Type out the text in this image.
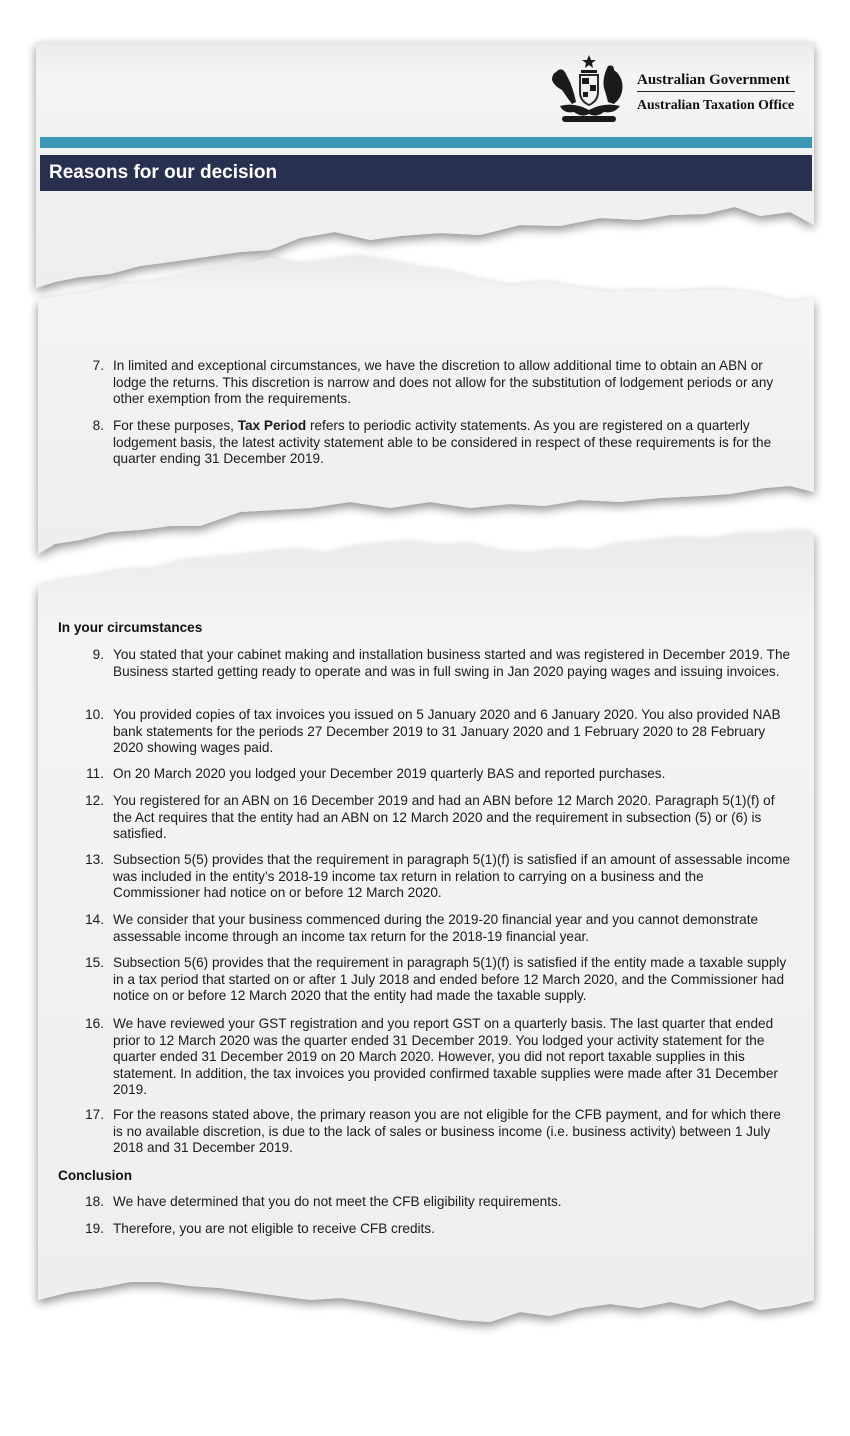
Australian Government
Australian Taxation Office
Reasons for our decision
7. In limited and exceptional circumstances, we have the discretion to allow additional time to obtain an ABN or lodge the returns. This discretion is narrow and does not allow for the substitution of lodgement periods or any other exemption from the requirements.
8. For these purposes, Tax Period refers to periodic activity statements. As you are registered on a quarterly lodgement basis, the latest activity statement able to be considered in respect of these requirements is for the quarter ending 31 December 2019.
In your circumstances
9. You stated that your cabinet making and installation business started and was registered in December 2019. The Business started getting ready to operate and was in full swing in Jan 2020 paying wages and issuing invoices.
10. You provided copies of tax invoices you issued on 5 January 2020 and 6 January 2020. You also provided NAB bank statements for the periods 27 December 2019 to 31 January 2020 and 1 February 2020 to 28 February 2020 showing wages paid.
11. On 20 March 2020 you lodged your December 2019 quarterly BAS and reported purchases.
12. You registered for an ABN on 16 December 2019 and had an ABN before 12 March 2020. Paragraph 5(1)(f) of the Act requires that the entity had an ABN on 12 March 2020 and the requirement in subsection (5) or (6) is satisfied.
13. Subsection 5(5) provides that the requirement in paragraph 5(1)(f) is satisfied if an amount of assessable income was included in the entity’s 2018-19 income tax return in relation to carrying on a business and the Commissioner had notice on or before 12 March 2020.
14. We consider that your business commenced during the 2019-20 financial year and you cannot demonstrate assessable income through an income tax return for the 2018-19 financial year.
15. Subsection 5(6) provides that the requirement in paragraph 5(1)(f) is satisfied if the entity made a taxable supply in a tax period that started on or after 1 July 2018 and ended before 12 March 2020, and the Commissioner had notice on or before 12 March 2020 that the entity had made the taxable supply.
16. We have reviewed your GST registration and you report GST on a quarterly basis. The last quarter that ended prior to 12 March 2020 was the quarter ended 31 December 2019. You lodged your activity statement for the quarter ended 31 December 2019 on 20 March 2020. However, you did not report taxable supplies in this statement. In addition, the tax invoices you provided confirmed taxable supplies were made after 31 December 2019.
17. For the reasons stated above, the primary reason you are not eligible for the CFB payment, and for which there is no available discretion, is due to the lack of sales or business income (i.e. business activity) between 1 July 2018 and 31 December 2019.
Conclusion
18. We have determined that you do not meet the CFB eligibility requirements.
19. Therefore, you are not eligible to receive CFB credits.
